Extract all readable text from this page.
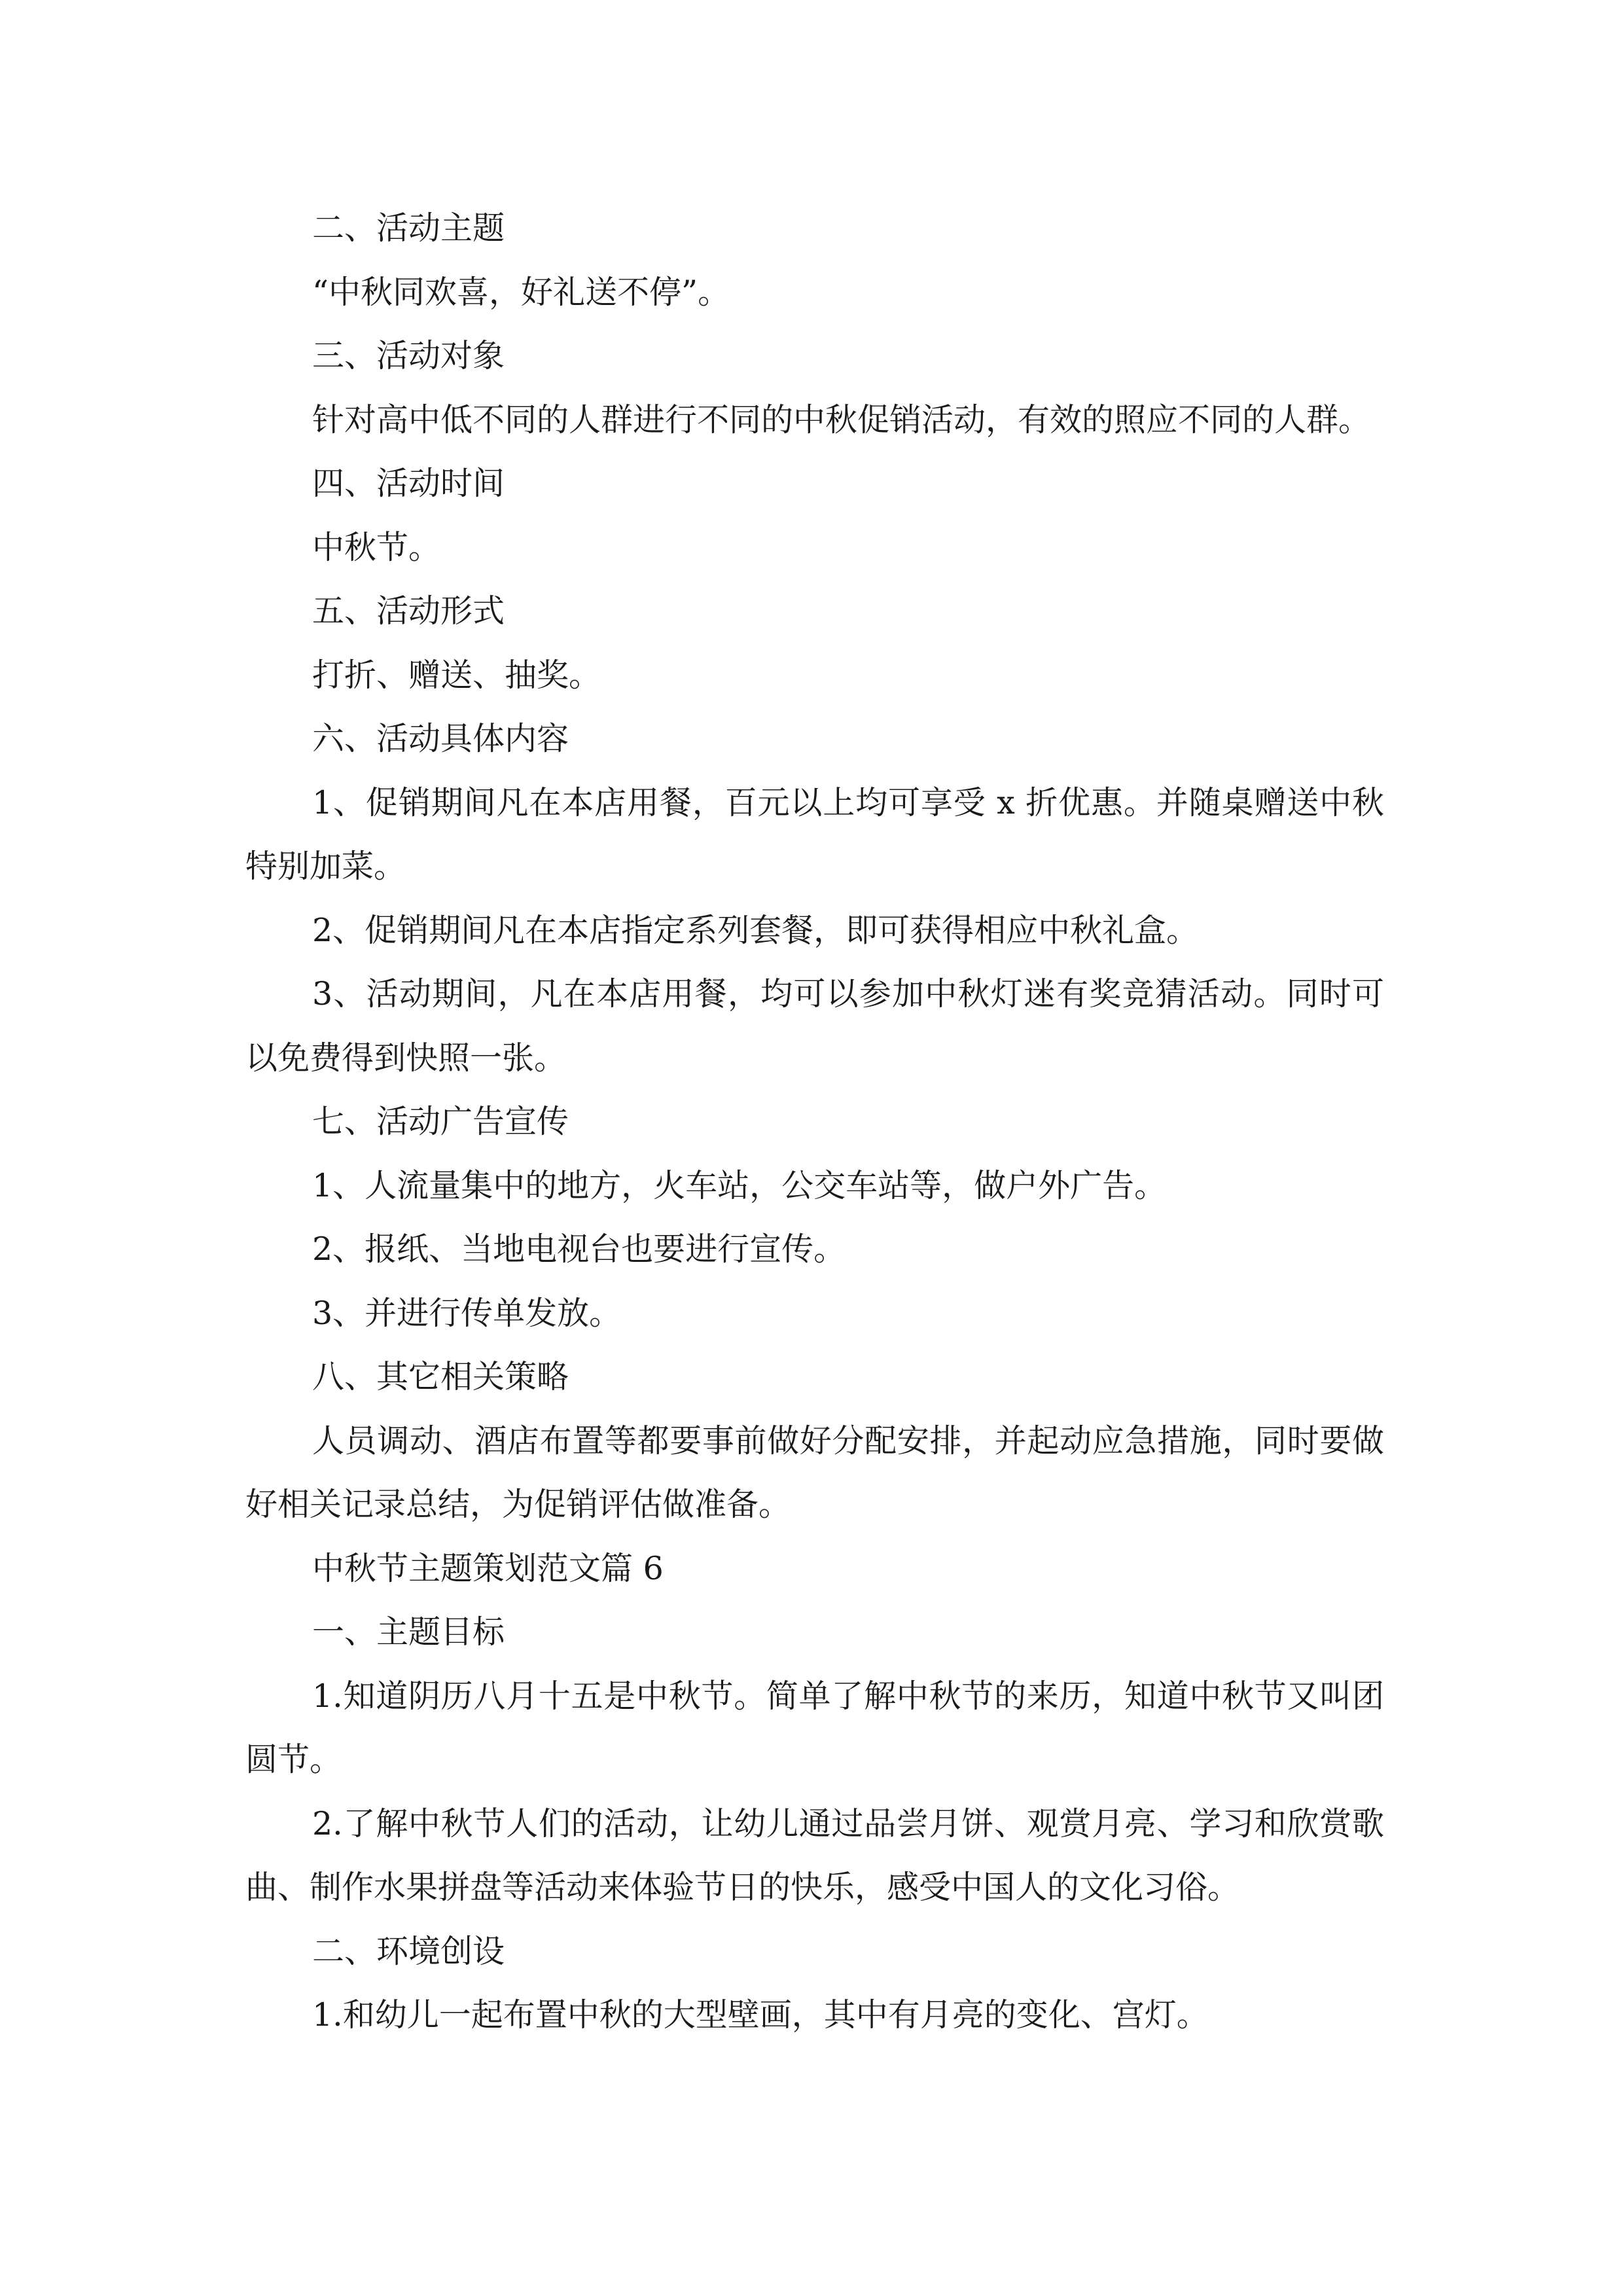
二、活动主题

“中秋同欢喜，好礼送不停”。

三、活动对象

针对高中低不同的人群进行不同的中秋促销活动，有效的照应不同的人群。

四、活动时间

中秋节。

五、活动形式

打折、赠送、抽奖。

六、活动具体内容

1、促销期间凡在本店用餐，百元以上均可享受 x 折优惠。并随桌赠送中秋特别加菜。

2、促销期间凡在本店指定系列套餐，即可获得相应中秋礼盒。

3、活动期间，凡在本店用餐，均可以参加中秋灯迷有奖竞猜活动。同时可以免费得到快照一张。

七、活动广告宣传

1、人流量集中的地方，火车站，公交车站等，做户外广告。

2、报纸、当地电视台也要进行宣传。

3、并进行传单发放。

八、其它相关策略

人员调动、酒店布置等都要事前做好分配安排，并起动应急措施，同时要做好相关记录总结，为促销评估做准备。

中秋节主题策划范文篇 6

一、主题目标

1.知道阴历八月十五是中秋节。简单了解中秋节的来历，知道中秋节又叫团圆节。

2.了解中秋节人们的活动，让幼儿通过品尝月饼、观赏月亮、学习和欣赏歌曲、制作水果拼盘等活动来体验节日的快乐，感受中国人的文化习俗。

二、环境创设

1.和幼儿一起布置中秋的大型壁画，其中有月亮的变化、宫灯。
